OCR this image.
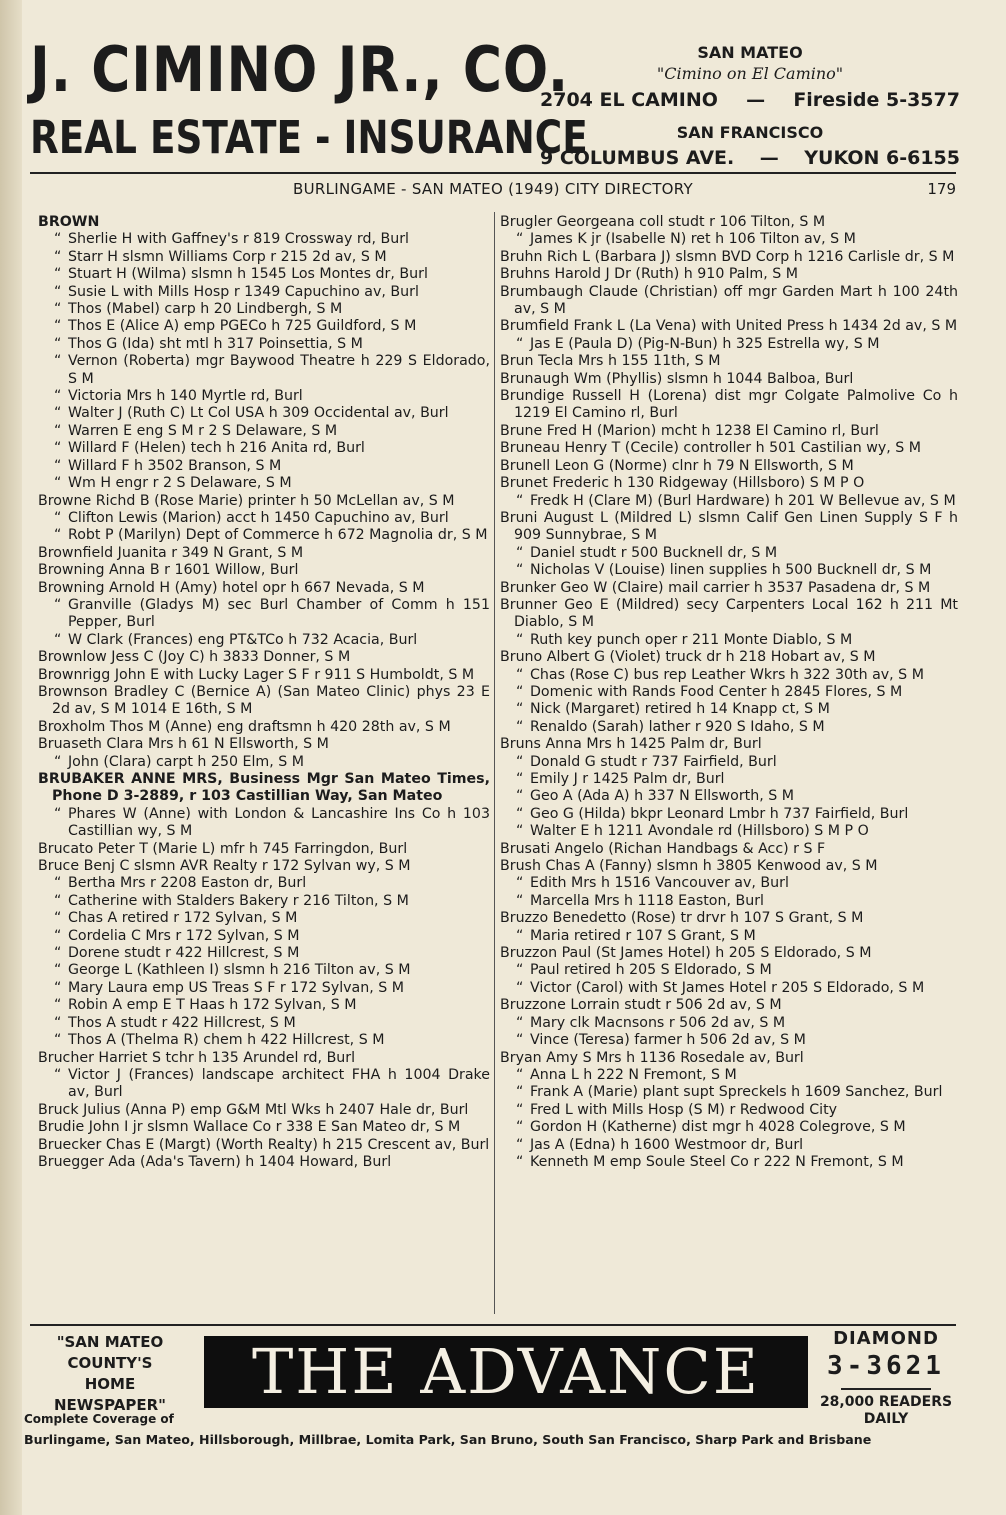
J. CIMINO JR., CO.
REAL ESTATE - INSURANCE
SAN MATEO
"Cimino on El Camino"
2704 EL CAMINO	—	Fireside 5-3577
SAN FRANCISCO
9 COLUMBUS AVE.	—	YUKON 6-6155
BURLINGAME - SAN MATEO (1949) CITY DIRECTORY	179
BROWN
“ Sherlie H with Gaffney's r 819 Crossway rd, Burl
“ Starr H slsmn Williams Corp r 215 2d av, S M
“ Stuart H (Wilma) slsmn h 1545 Los Montes dr, Burl
“ Susie L with Mills Hosp r 1349 Capuchino av, Burl
“ Thos (Mabel) carp h 20 Lindbergh, S M
“ Thos E (Alice A) emp PGECo h 725 Guildford, S M
“ Thos G (Ida) sht mtl h 317 Poinsettia, S M
“ Vernon (Roberta) mgr Baywood Theatre h 229 S Eldorado, S M
“ Victoria Mrs h 140 Myrtle rd, Burl
“ Walter J (Ruth C) Lt Col USA h 309 Occidental av, Burl
“ Warren E eng S M r 2 S Delaware, S M
“ Willard F (Helen) tech h 216 Anita rd, Burl
“ Willard F h 3502 Branson, S M
“ Wm H engr r 2 S Delaware, S M
Browne Richd B (Rose Marie) printer h 50 McLellan av, S M
“ Clifton Lewis (Marion) acct h 1450 Capuchino av, Burl
“ Robt P (Marilyn) Dept of Commerce h 672 Magnolia dr, S M
Brownfield Juanita r 349 N Grant, S M
Browning Anna B r 1601 Willow, Burl
Browning Arnold H (Amy) hotel opr h 667 Nevada, S M
“ Granville (Gladys M) sec Burl Chamber of Comm h 151 Pepper, Burl
“ W Clark (Frances) eng PT&TCo h 732 Acacia, Burl
Brownlow Jess C (Joy C) h 3833 Donner, S M
Brownrigg John E with Lucky Lager S F r 911 S Humboldt, S M
Brownson Bradley C (Bernice A) (San Mateo Clinic) phys 23 E 2d av, S M 1014 E 16th, S M
Broxholm Thos M (Anne) eng draftsmn h 420 28th av, S M
Bruaseth Clara Mrs h 61 N Ellsworth, S M
“ John (Clara) carpt h 250 Elm, S M
BRUBAKER ANNE MRS, Business Mgr San Mateo Times, Phone D 3-2889, r 103 Castillian Way, San Mateo
“ Phares W (Anne) with London & Lancashire Ins Co h 103 Castillian wy, S M
Brucato Peter T (Marie L) mfr h 745 Farringdon, Burl
Bruce Benj C slsmn AVR Realty r 172 Sylvan wy, S M
“ Bertha Mrs r 2208 Easton dr, Burl
“ Catherine with Stalders Bakery r 216 Tilton, S M
“ Chas A retired r 172 Sylvan, S M
“ Cordelia C Mrs r 172 Sylvan, S M
“ Dorene studt r 422 Hillcrest, S M
“ George L (Kathleen I) slsmn h 216 Tilton av, S M
“ Mary Laura emp US Treas S F r 172 Sylvan, S M
“ Robin A emp E T Haas h 172 Sylvan, S M
“ Thos A studt r 422 Hillcrest, S M
“ Thos A (Thelma R) chem h 422 Hillcrest, S M
Brucher Harriet S tchr h 135 Arundel rd, Burl
“ Victor J (Frances) landscape architect FHA h 1004 Drake av, Burl
Bruck Julius (Anna P) emp G&M Mtl Wks h 2407 Hale dr, Burl
Brudie John I jr slsmn Wallace Co r 338 E San Mateo dr, S M
Bruecker Chas E (Margt) (Worth Realty) h 215 Crescent av, Burl
Bruegger Ada (Ada's Tavern) h 1404 Howard, Burl
Brugler Georgeana coll studt r 106 Tilton, S M
“ James K jr (Isabelle N) ret h 106 Tilton av, S M
Bruhn Rich L (Barbara J) slsmn BVD Corp h 1216 Carlisle dr, S M
Bruhns Harold J Dr (Ruth) h 910 Palm, S M
Brumbaugh Claude (Christian) off mgr Garden Mart h 100 24th av, S M
Brumfield Frank L (La Vena) with United Press h 1434 2d av, S M
“ Jas E (Paula D) (Pig-N-Bun) h 325 Estrella wy, S M
Brun Tecla Mrs h 155 11th, S M
Brunaugh Wm (Phyllis) slsmn h 1044 Balboa, Burl
Brundige Russell H (Lorena) dist mgr Colgate Palmolive Co h 1219 El Camino rl, Burl
Brune Fred H (Marion) mcht h 1238 El Camino rl, Burl
Bruneau Henry T (Cecile) controller h 501 Castilian wy, S M
Brunell Leon G (Norme) clnr h 79 N Ellsworth, S M
Brunet Frederic h 130 Ridgeway (Hillsboro) S M P O
“ Fredk H (Clare M) (Burl Hardware) h 201 W Bellevue av, S M
Bruni August L (Mildred L) slsmn Calif Gen Linen Supply S F h 909 Sunnybrae, S M
“ Daniel studt r 500 Bucknell dr, S M
“ Nicholas V (Louise) linen supplies h 500 Bucknell dr, S M
Brunker Geo W (Claire) mail carrier h 3537 Pasadena dr, S M
Brunner Geo E (Mildred) secy Carpenters Local 162 h 211 Mt Diablo, S M
“ Ruth key punch oper r 211 Monte Diablo, S M
Bruno Albert G (Violet) truck dr h 218 Hobart av, S M
“ Chas (Rose C) bus rep Leather Wkrs h 322 30th av, S M
“ Domenic with Rands Food Center h 2845 Flores, S M
“ Nick (Margaret) retired h 14 Knapp ct, S M
“ Renaldo (Sarah) lather r 920 S Idaho, S M
Bruns Anna Mrs h 1425 Palm dr, Burl
“ Donald G studt r 737 Fairfield, Burl
“ Emily J r 1425 Palm dr, Burl
“ Geo A (Ada A) h 337 N Ellsworth, S M
“ Geo G (Hilda) bkpr Leonard Lmbr h 737 Fairfield, Burl
“ Walter E h 1211 Avondale rd (Hillsboro) S M P O
Brusati Angelo (Richan Handbags & Acc) r S F
Brush Chas A (Fanny) slsmn h 3805 Kenwood av, S M
“ Edith Mrs h 1516 Vancouver av, Burl
“ Marcella Mrs h 1118 Easton, Burl
Bruzzo Benedetto (Rose) tr drvr h 107 S Grant, S M
“ Maria retired r 107 S Grant, S M
Bruzzon Paul (St James Hotel) h 205 S Eldorado, S M
“ Paul retired h 205 S Eldorado, S M
“ Victor (Carol) with St James Hotel r 205 S Eldorado, S M
Bruzzone Lorrain studt r 506 2d av, S M
“ Mary clk Macnsons r 506 2d av, S M
“ Vince (Teresa) farmer h 506 2d av, S M
Bryan Amy S Mrs h 1136 Rosedale av, Burl
“ Anna L h 222 N Fremont, S M
“ Frank A (Marie) plant supt Spreckels h 1609 Sanchez, Burl
“ Fred L with Mills Hosp (S M) r Redwood City
“ Gordon H (Katherne) dist mgr h 4028 Colegrove, S M
“ Jas A (Edna) h 1600 Westmoor dr, Burl
“ Kenneth M emp Soule Steel Co r 222 N Fremont, S M
"SAN MATEO
COUNTY'S
HOME
NEWSPAPER"
Complete Coverage of
THE ADVANCE	DIAMOND
3-3621
28,000 READERS
DAILY
Burlingame, San Mateo, Hillsborough, Millbrae, Lomita Park, San Bruno, South San Francisco, Sharp Park and Brisbane
